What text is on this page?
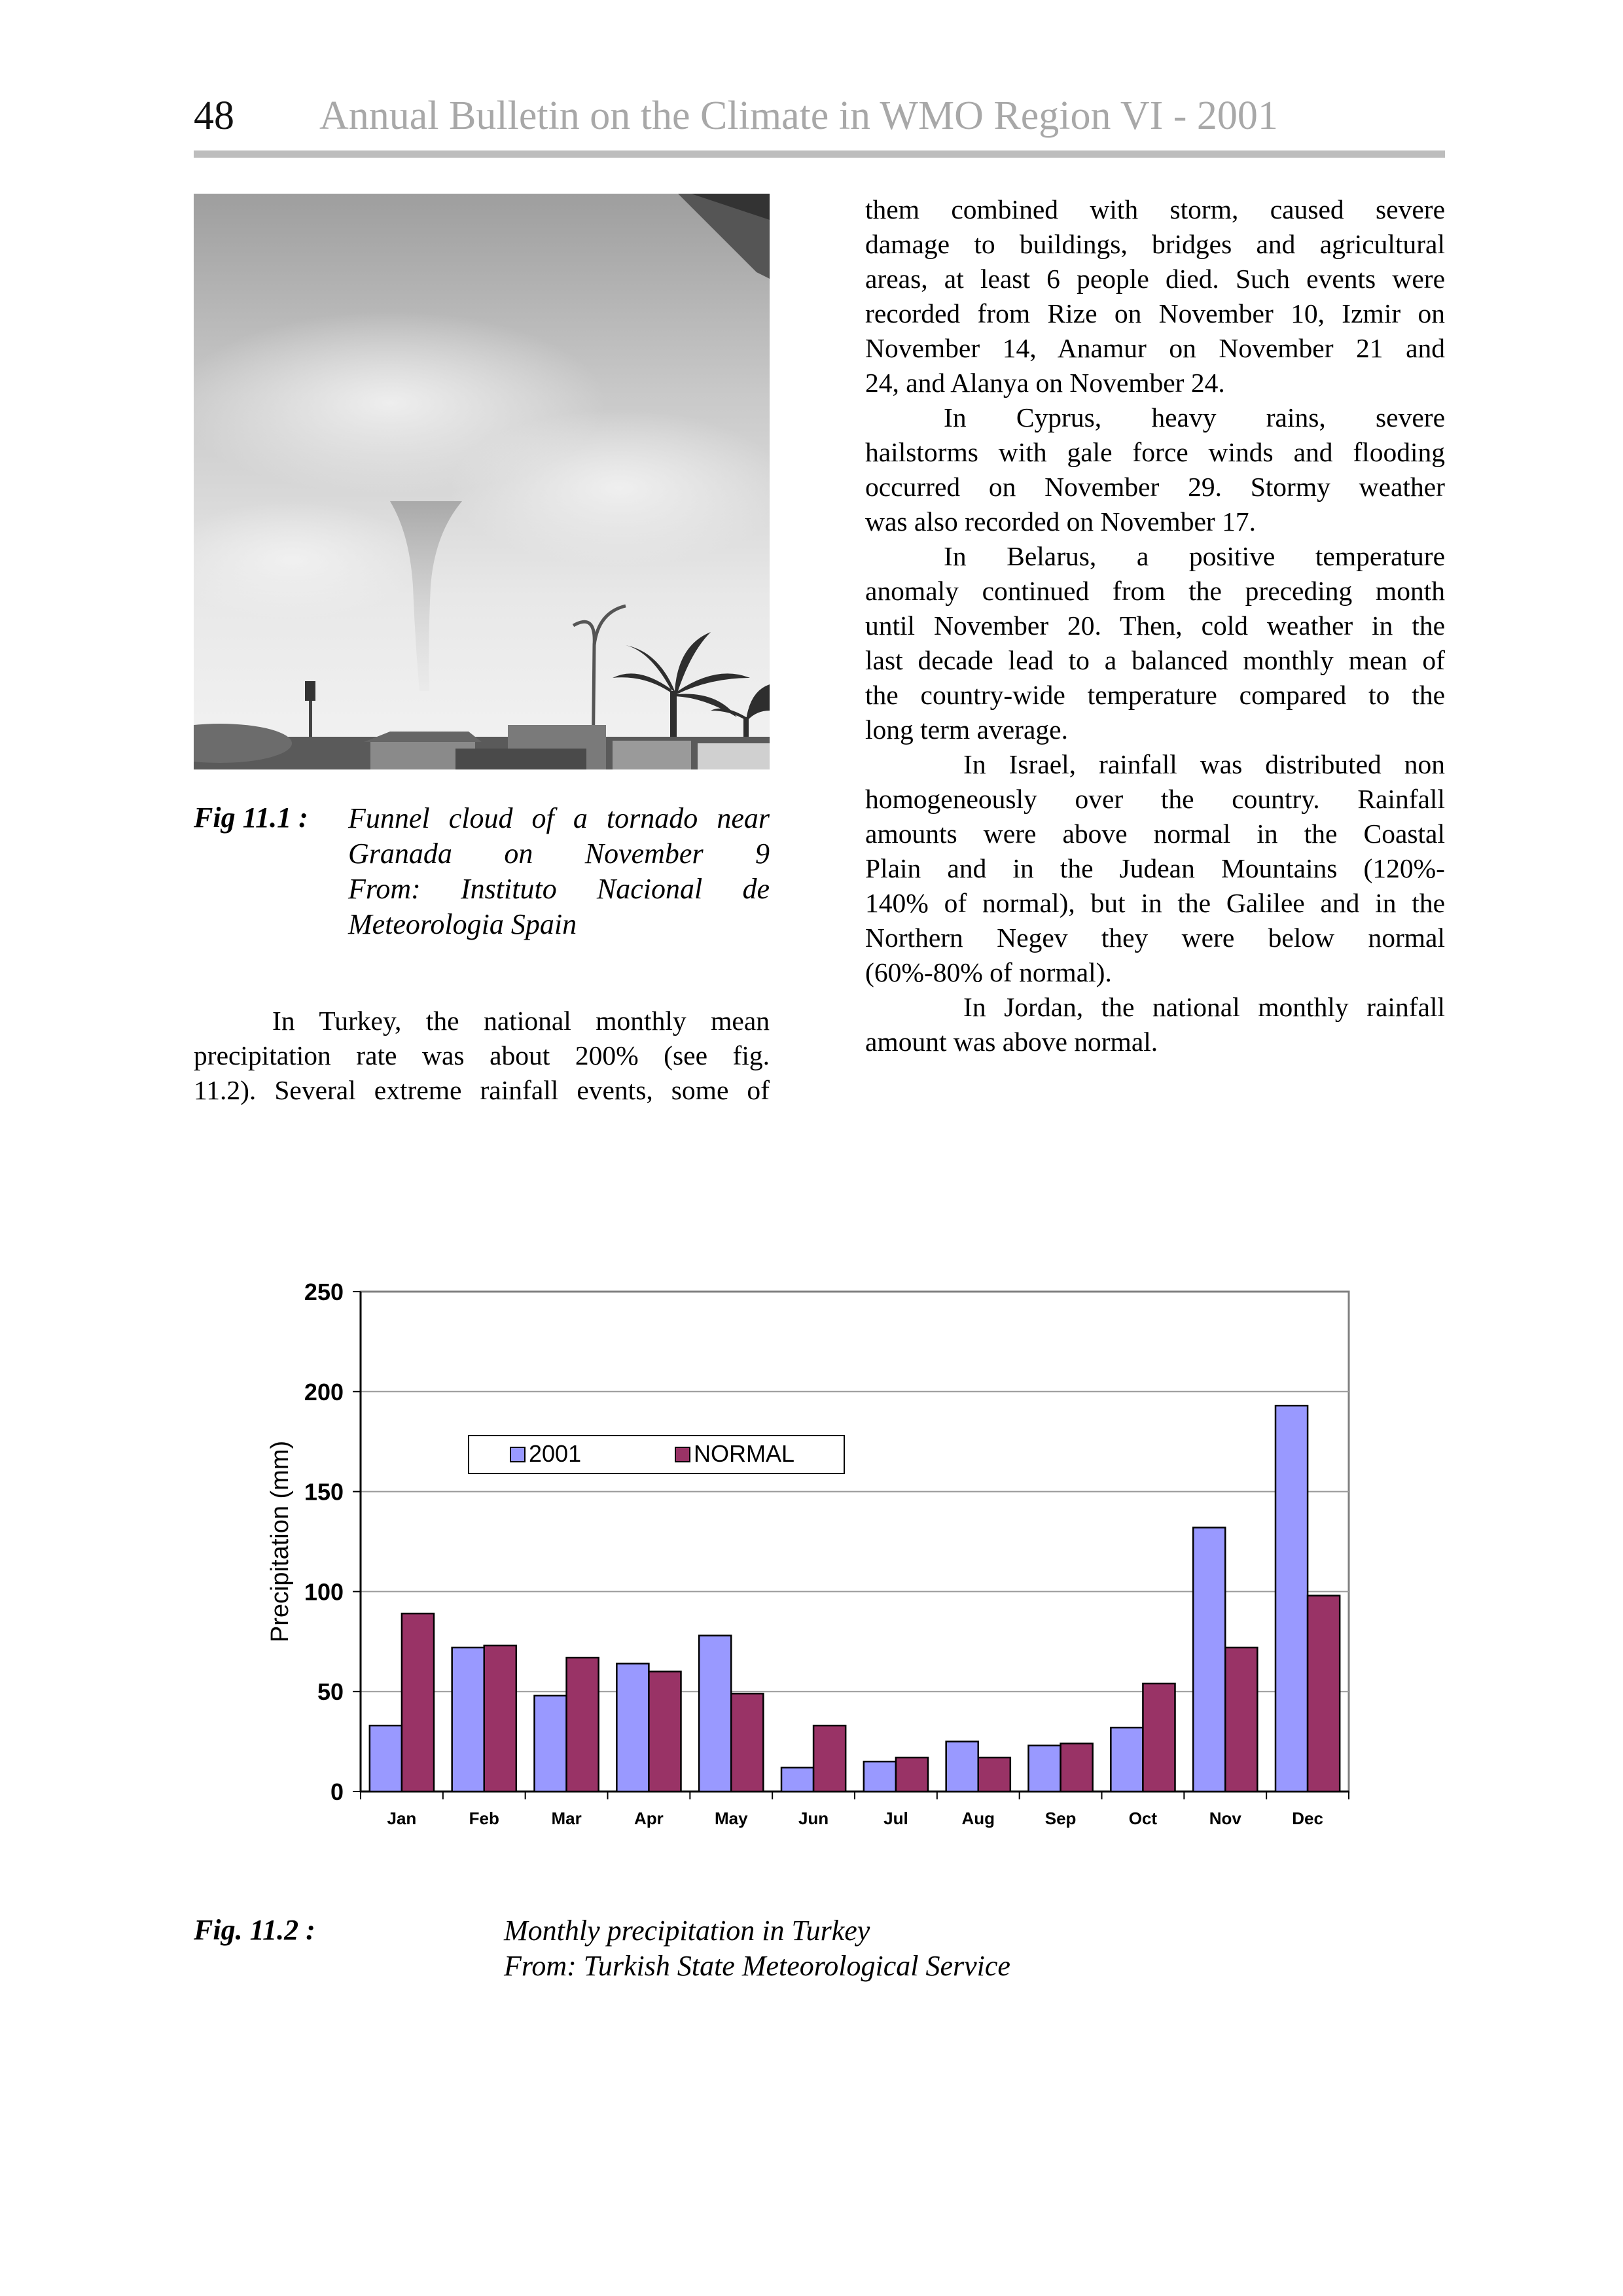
48 Annual Bulletin on the Climate in WMO Region VI - 2001
Fig 11.1 : Funnel cloud of a tornado near
Granada on November 9
From: Instituto Nacional de
Meteorologia Spain
In Turkey, the national monthly mean
precipitation rate was about 200% (see fig.
11.2). Several extreme rainfall events, some of
them combined with storm, caused severe
damage to buildings, bridges and agricultural
areas, at least 6 people died. Such events were
recorded from Rize on November 10, Izmir on
November 14, Anamur on November 21 and
24, and Alanya on November 24.
In Cyprus, heavy rains, severe
hailstorms with gale force winds and flooding
occurred on November 29. Stormy weather
was also recorded on November 17.
In Belarus, a positive temperature
anomaly continued from the preceding month
until November 20. Then, cold weather in the
last decade lead to a balanced monthly mean of
the country-wide temperature compared to the
long term average.
In Israel, rainfall was distributed non
homogeneously over the country. Rainfall
amounts were above normal in the Coastal
Plain and in the Judean Mountains (120%-
140% of normal), but in the Galilee and in the
Northern Negev they were below normal
(60%-80% of normal).
In Jordan, the national monthly rainfall
amount was above normal.
0
50
100
150
200
250
Jan	Feb	Mar	Apr	May	Jun	Jul	Aug	Sep	Oct	Nov	Dec
Precipitation (mm)	2001	NORMAL
Fig. 11.2 :	Monthly precipitation in Turkey
From: Turkish State Meteorological Service
